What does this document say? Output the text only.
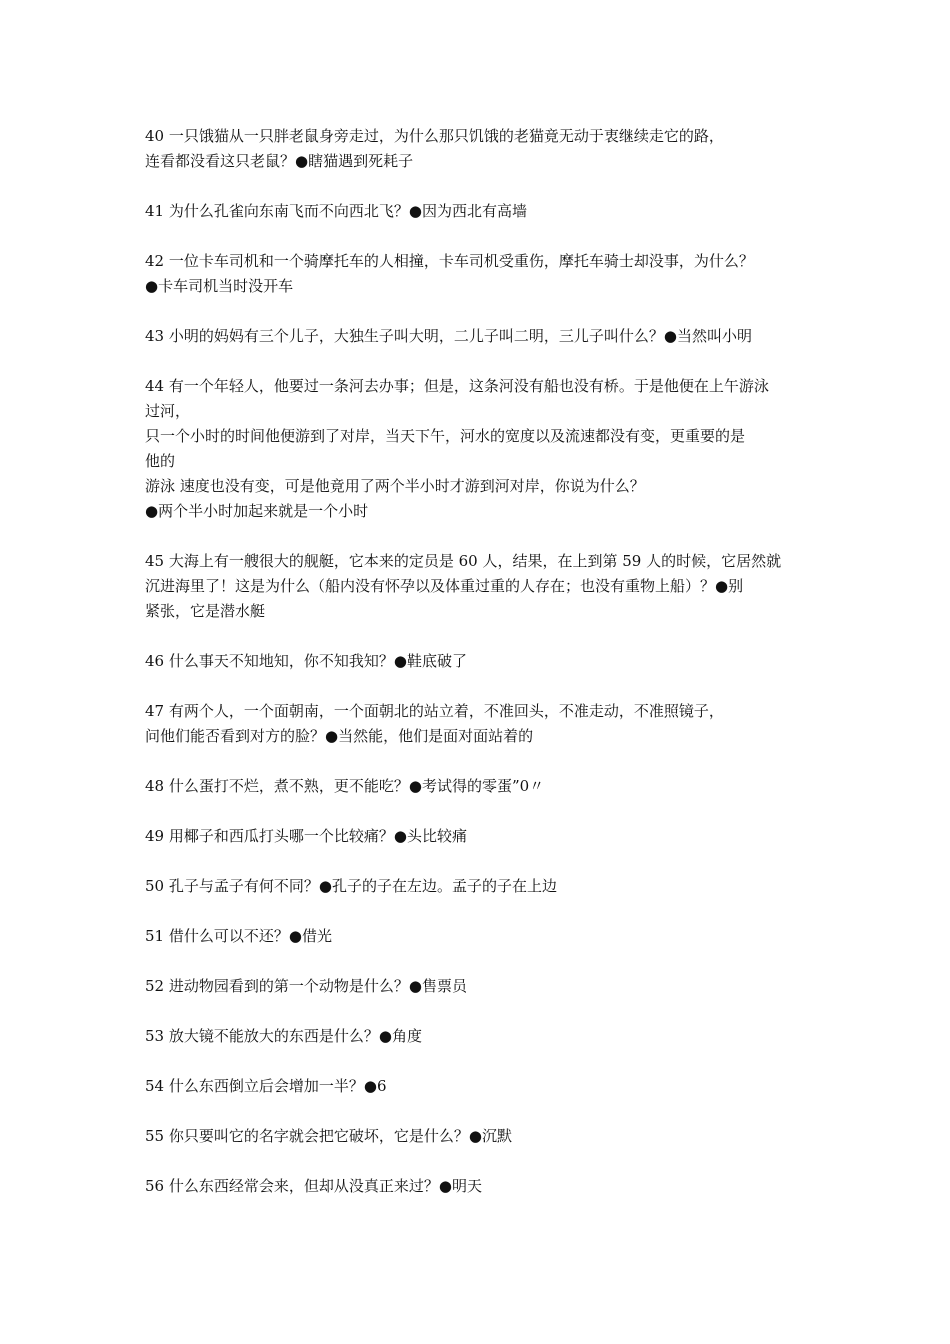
40 一只饿猫从一只胖老鼠身旁走过，为什么那只饥饿的老猫竟无动于衷继续走它的路，
连看都没看这只老鼠？●瞎猫遇到死耗子
41 为什么孔雀向东南飞而不向西北飞？●因为西北有高墙
42 一位卡车司机和一个骑摩托车的人相撞，卡车司机受重伤，摩托车骑士却没事，为什么？
●卡车司机当时没开车
43 小明的妈妈有三个儿子，大独生子叫大明，二儿子叫二明，三儿子叫什么？●当然叫小明
44 有一个年轻人，他要过一条河去办事；但是，这条河没有船也没有桥。于是他便在上午游泳
过河，
只一个小时的时间他便游到了对岸，当天下午，河水的宽度以及流速都没有变，更重要的是
他的
游泳 速度也没有变，可是他竟用了两个半小时才游到河对岸，你说为什么？
●两个半小时加起来就是一个小时
45 大海上有一艘很大的舰艇，它本来的定员是 60 人，结果，在上到第 59 人的时候，它居然就
沉进海里了！这是为什么（船内没有怀孕以及体重过重的人存在；也没有重物上船）？●别
紧张，它是潜水艇
46 什么事天不知地知，你不知我知？●鞋底破了
47 有两个人，一个面朝南，一个面朝北的站立着，不准回头，不准走动，不准照镜子，
问他们能否看到对方的脸？●当然能，他们是面对面站着的
48 什么蛋打不烂，煮不熟，更不能吃？●考试得的零蛋”0〃
49 用椰子和西瓜打头哪一个比较痛？●头比较痛
50 孔子与孟子有何不同？●孔子的子在左边。孟子的子在上边
51 借什么可以不还？●借光
52 进动物园看到的第一个动物是什么？●售票员
53 放大镜不能放大的东西是什么？●角度
54 什么东西倒立后会增加一半？●6
55 你只要叫它的名字就会把它破坏，它是什么？●沉默
56 什么东西经常会来，但却从没真正来过？●明天
